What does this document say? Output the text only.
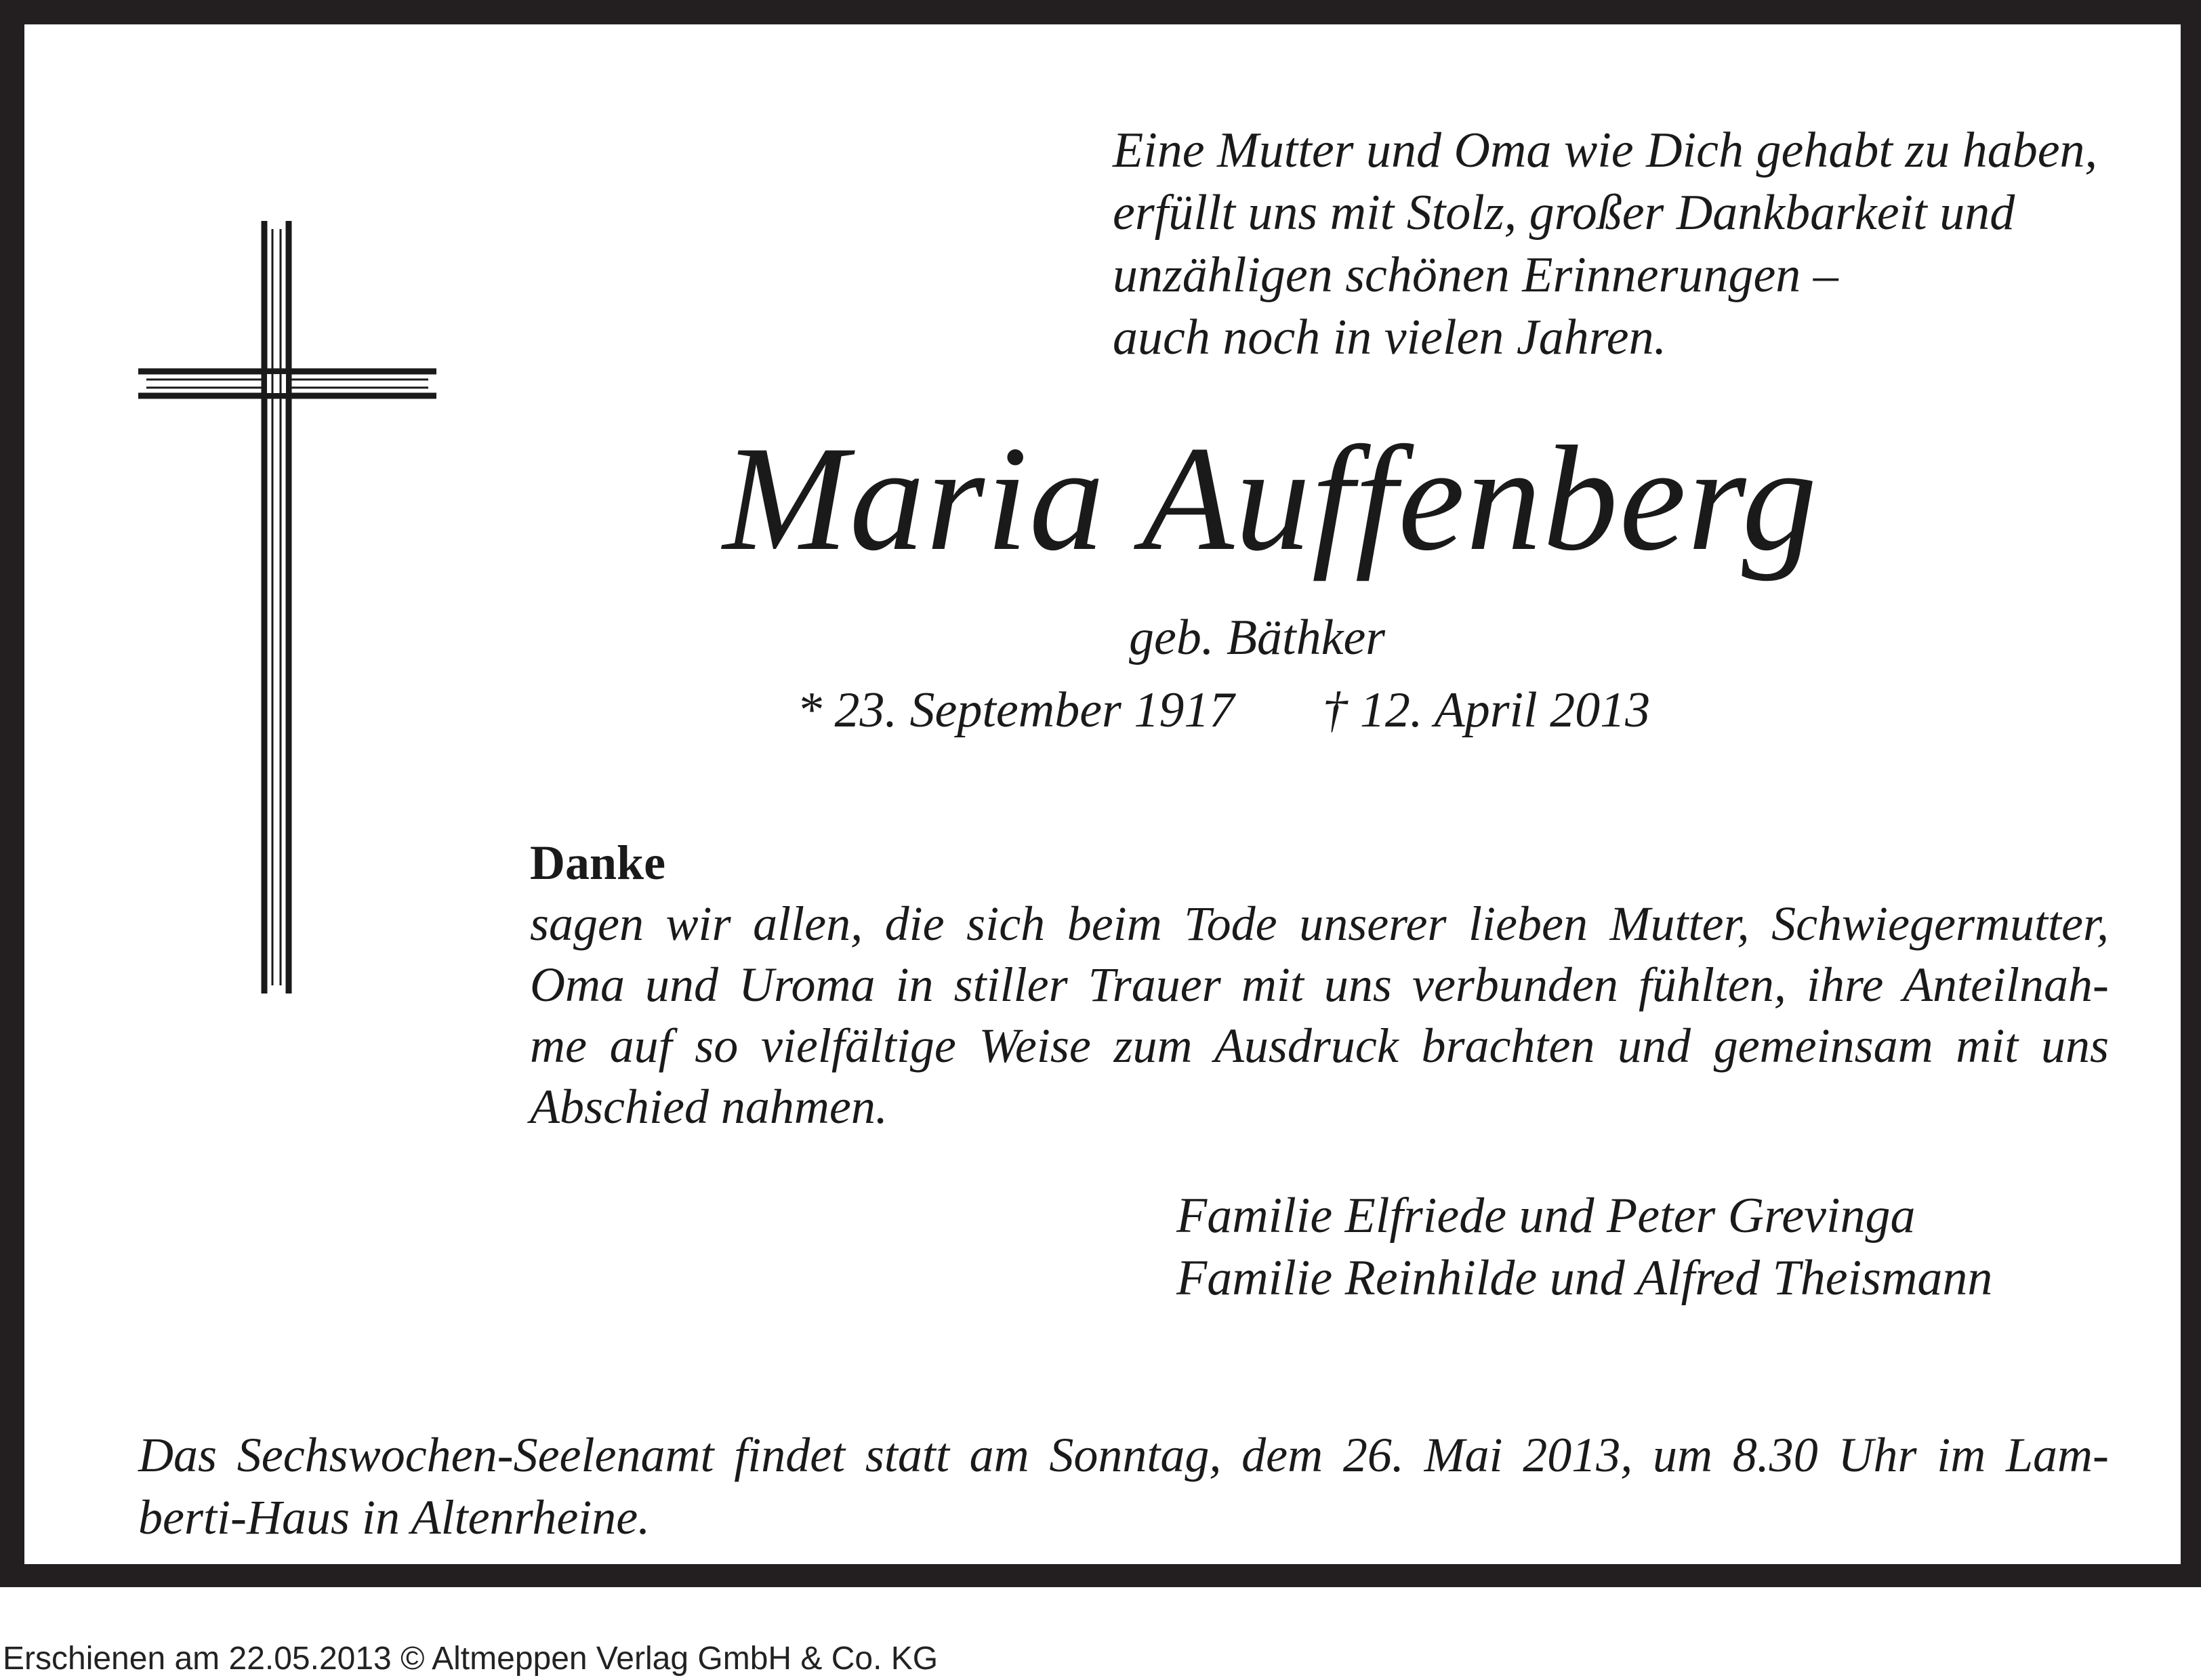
Eine Mutter und Oma wie Dich gehabt zu haben,
erfüllt uns mit Stolz, großer Dankbarkeit und
unzähligen schönen Erinnerungen –
auch noch in vielen Jahren.
Maria Auffenberg
geb. Bäthker
* 23. September 1917 † 12. April 2013
Danke
sagen wir allen, die sich beim Tode unserer lieben Mutter, Schwiegermutter,
Oma und Uroma in stiller Trauer mit uns verbunden fühlten, ihre Anteilnah-
me auf so vielfältige Weise zum Ausdruck brachten und gemeinsam mit uns
Abschied nahmen.
Familie Elfriede und Peter Grevinga
Familie Reinhilde und Alfred Theismann
Das Sechswochen-Seelenamt findet statt am Sonntag, dem 26. Mai 2013, um 8.30 Uhr im Lam-
berti-Haus in Altenrheine.
Erschienen am 22.05.2013 © Altmeppen Verlag GmbH & Co. KG
